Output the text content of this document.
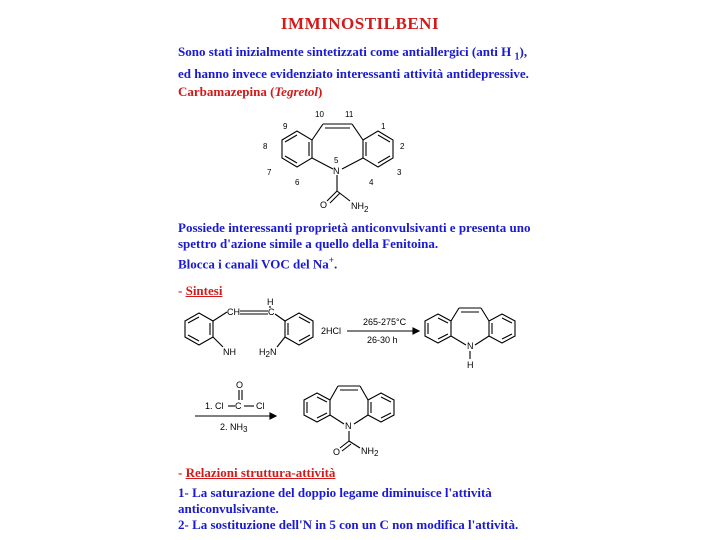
IMMINOSTILBENI
Sono stati inizialmente sintetizzati come antiallergici (anti H $_1$),
ed hanno invece evidenziato interessanti attività antidepressive.
Carbamazepina (Tegretol)
N
O	NH2
5
1
2
3
4
6
7
8
9
10	11
Possiede interessanti proprietà anticonvulsivanti e presenta uno
spettro d'azione simile a quello della Fenitoina.
Blocca i canali VOC del Na+.
- Sintesi
CH	C
H
NH	H2N
2HCl
265-275°C
26-30 h
N
H
1. Cl C
O
Cl
2. NH3	N
O NH2
- Relazioni struttura-attività
1- La saturazione del doppio legame diminuisce l'attività
anticonvulsivante.
2- La sostituzione dell'N in 5 con un C non modifica l'attività.
